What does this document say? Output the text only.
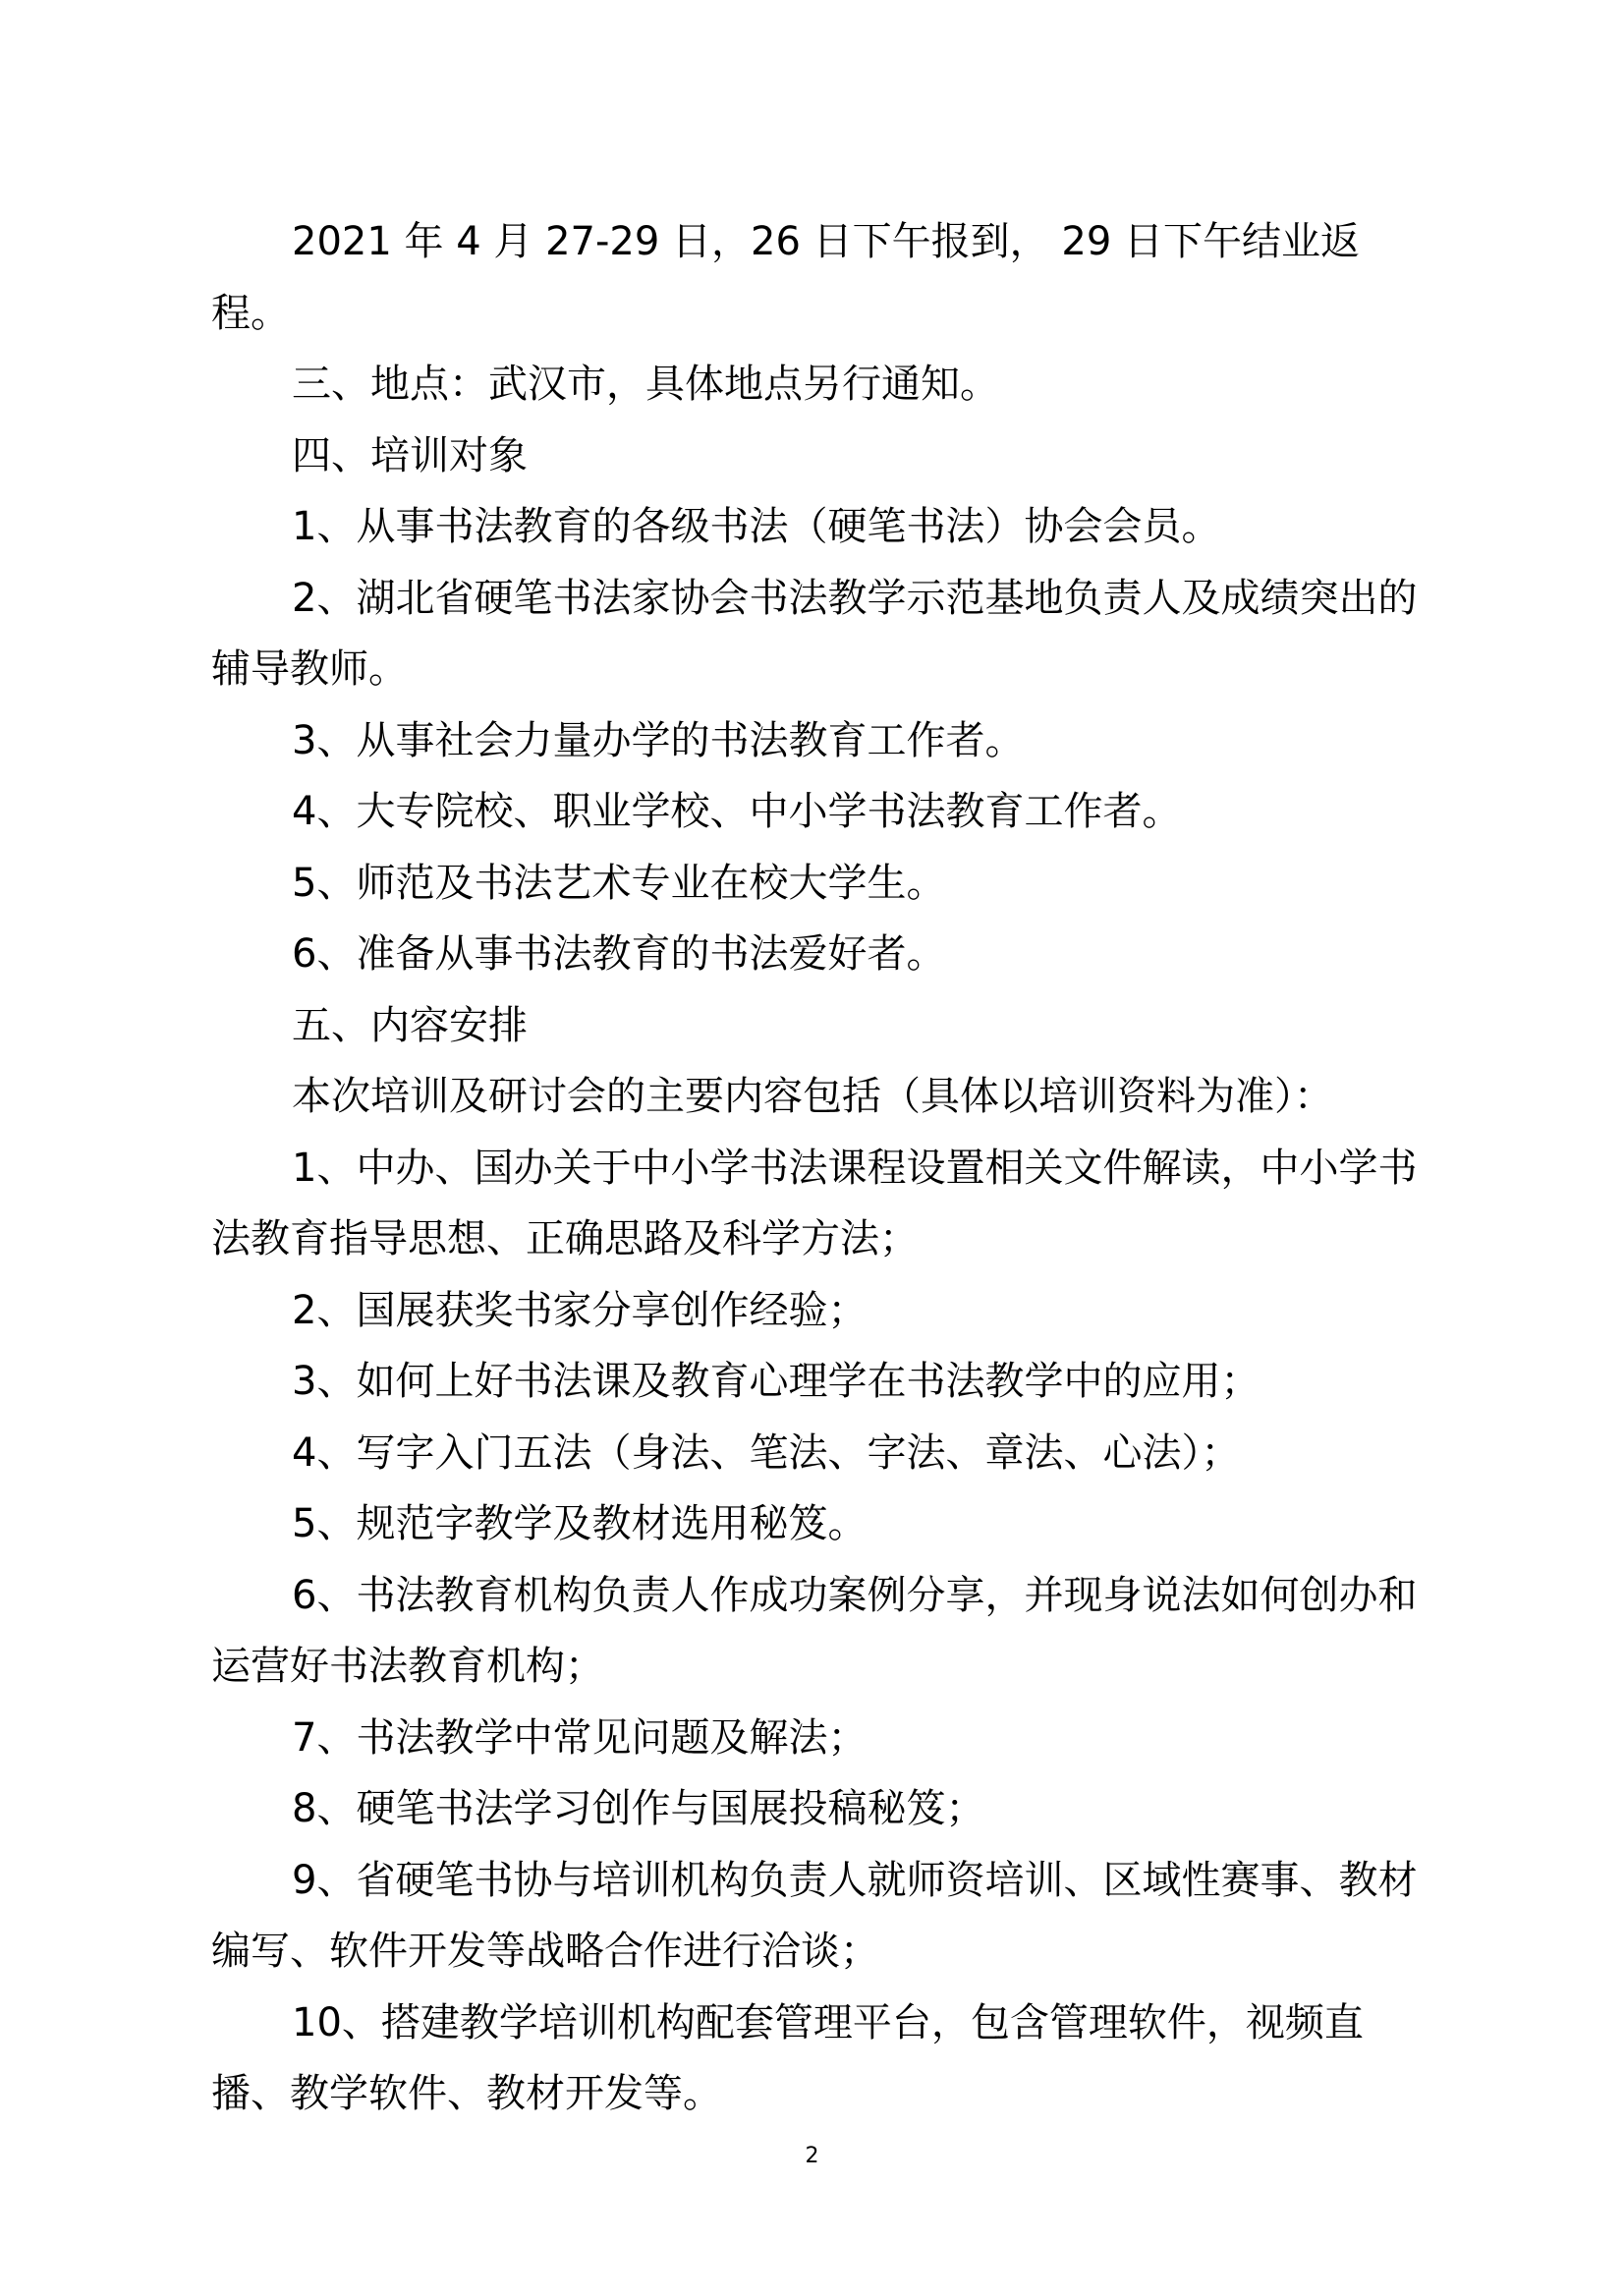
2021 年 4 月 27-29 日，26 日下午报到， 29 日下午结业返程。

三、地点：武汉市，具体地点另行通知。

四、培训对象

1、从事书法教育的各级书法（硬笔书法）协会会员。

2、湖北省硬笔书法家协会书法教学示范基地负责人及成绩突出的辅导教师。

3、从事社会力量办学的书法教育工作者。

4、大专院校、职业学校、中小学书法教育工作者。

5、师范及书法艺术专业在校大学生。

6、准备从事书法教育的书法爱好者。

五、内容安排

本次培训及研讨会的主要内容包括（具体以培训资料为准）：

1、中办、国办关于中小学书法课程设置相关文件解读，中小学书法教育指导思想、正确思路及科学方法；

2、国展获奖书家分享创作经验；

3、如何上好书法课及教育心理学在书法教学中的应用；

4、写字入门五法（身法、笔法、字法、章法、心法）；

5、规范字教学及教材选用秘笈。

6、书法教育机构负责人作成功案例分享，并现身说法如何创办和运营好书法教育机构；

7、书法教学中常见问题及解法；

8、硬笔书法学习创作与国展投稿秘笈；

9、省硬笔书协与培训机构负责人就师资培训、区域性赛事、教材编写、软件开发等战略合作进行洽谈；

10、搭建教学培训机构配套管理平台，包含管理软件，视频直播、教学软件、教材开发等。

2
